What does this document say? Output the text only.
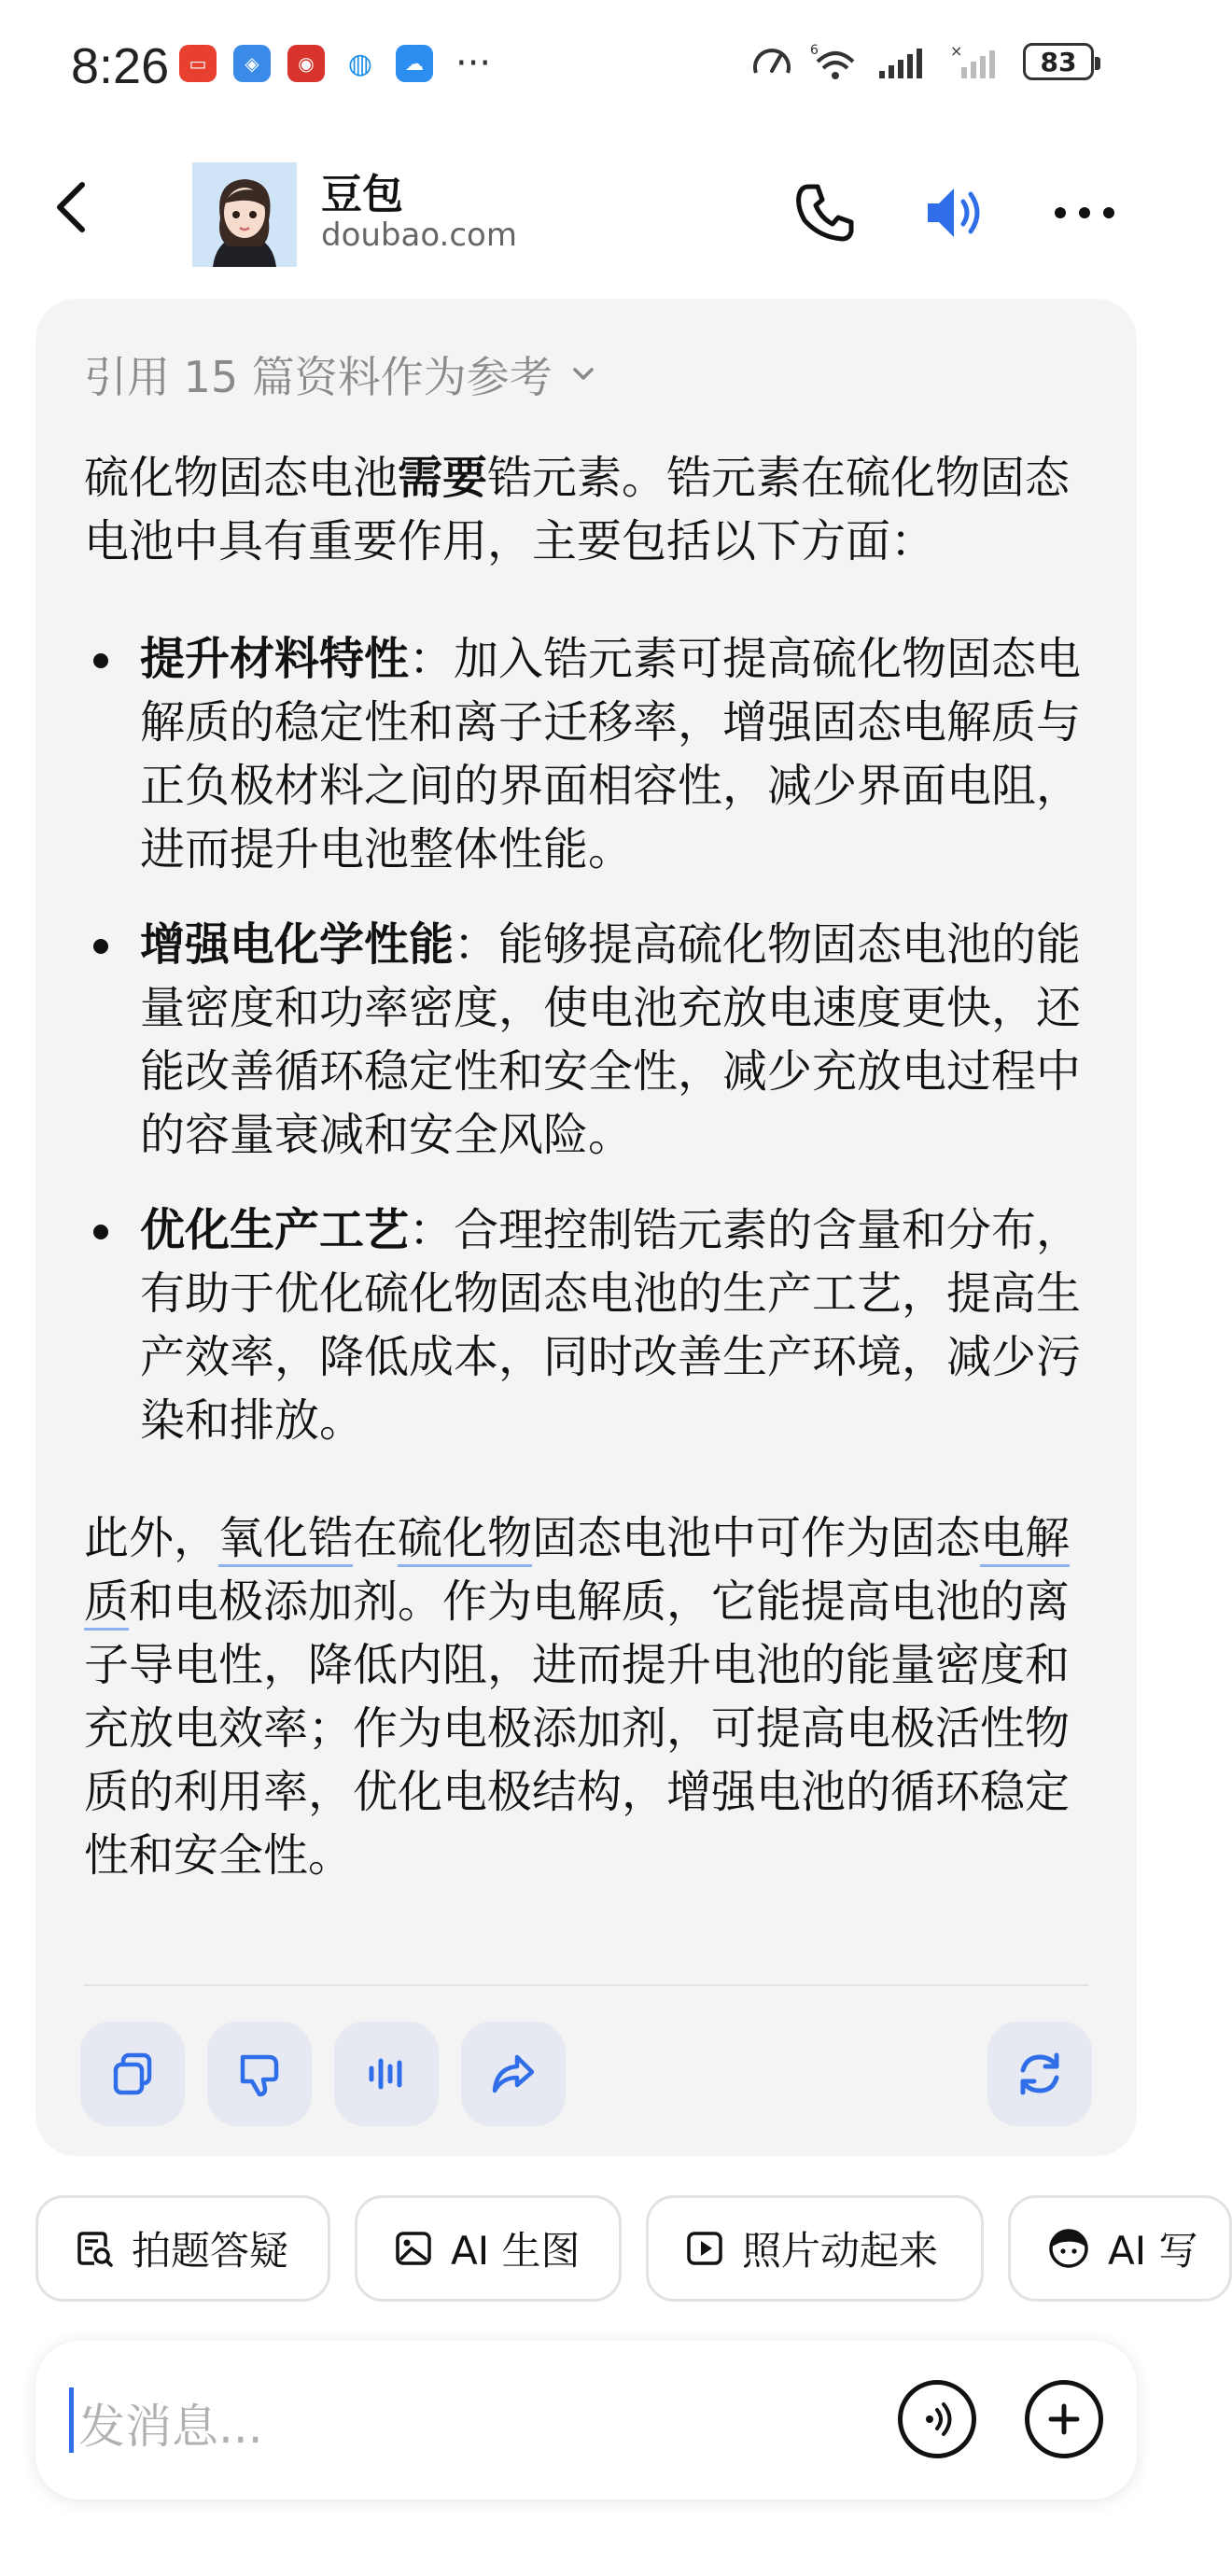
8:26	▭	◈	◉	◍	☁ ···	6	×	83
豆包
doubao.com
引用 15 篇资料作为参考

硫化物固态电池需要锆元素。锆元素在硫化物固态电池中具有重要作用，主要包括以下方面：

提升材料特性：加入锆元素可提高硫化物固态电解质的稳定性和离子迁移率，增强固态电解质与正负极材料之间的界面相容性，减少界面电阻，进而提升电池整体性能。
增强电化学性能：能够提高硫化物固态电池的能量密度和功率密度，使电池充放电速度更快，还能改善循环稳定性和安全性，减少充放电过程中的容量衰减和安全风险。
优化生产工艺：合理控制锆元素的含量和分布，有助于优化硫化物固态电池的生产工艺，提高生产效率，降低成本，同时改善生产环境，减少污染和排放。

此外，氧化锆在硫化物固态电池中可作为固态电解质和电极添加剂。作为电解质，它能提高电池的离子导电性，降低内阻，进而提升电池的能量密度和充放电效率；作为电极添加剂，可提高电极活性物质的利用率，优化电极结构，增强电池的循环稳定性和安全性。

拍题答疑	AI 生图	照片动起来	AI 写
发消息...
